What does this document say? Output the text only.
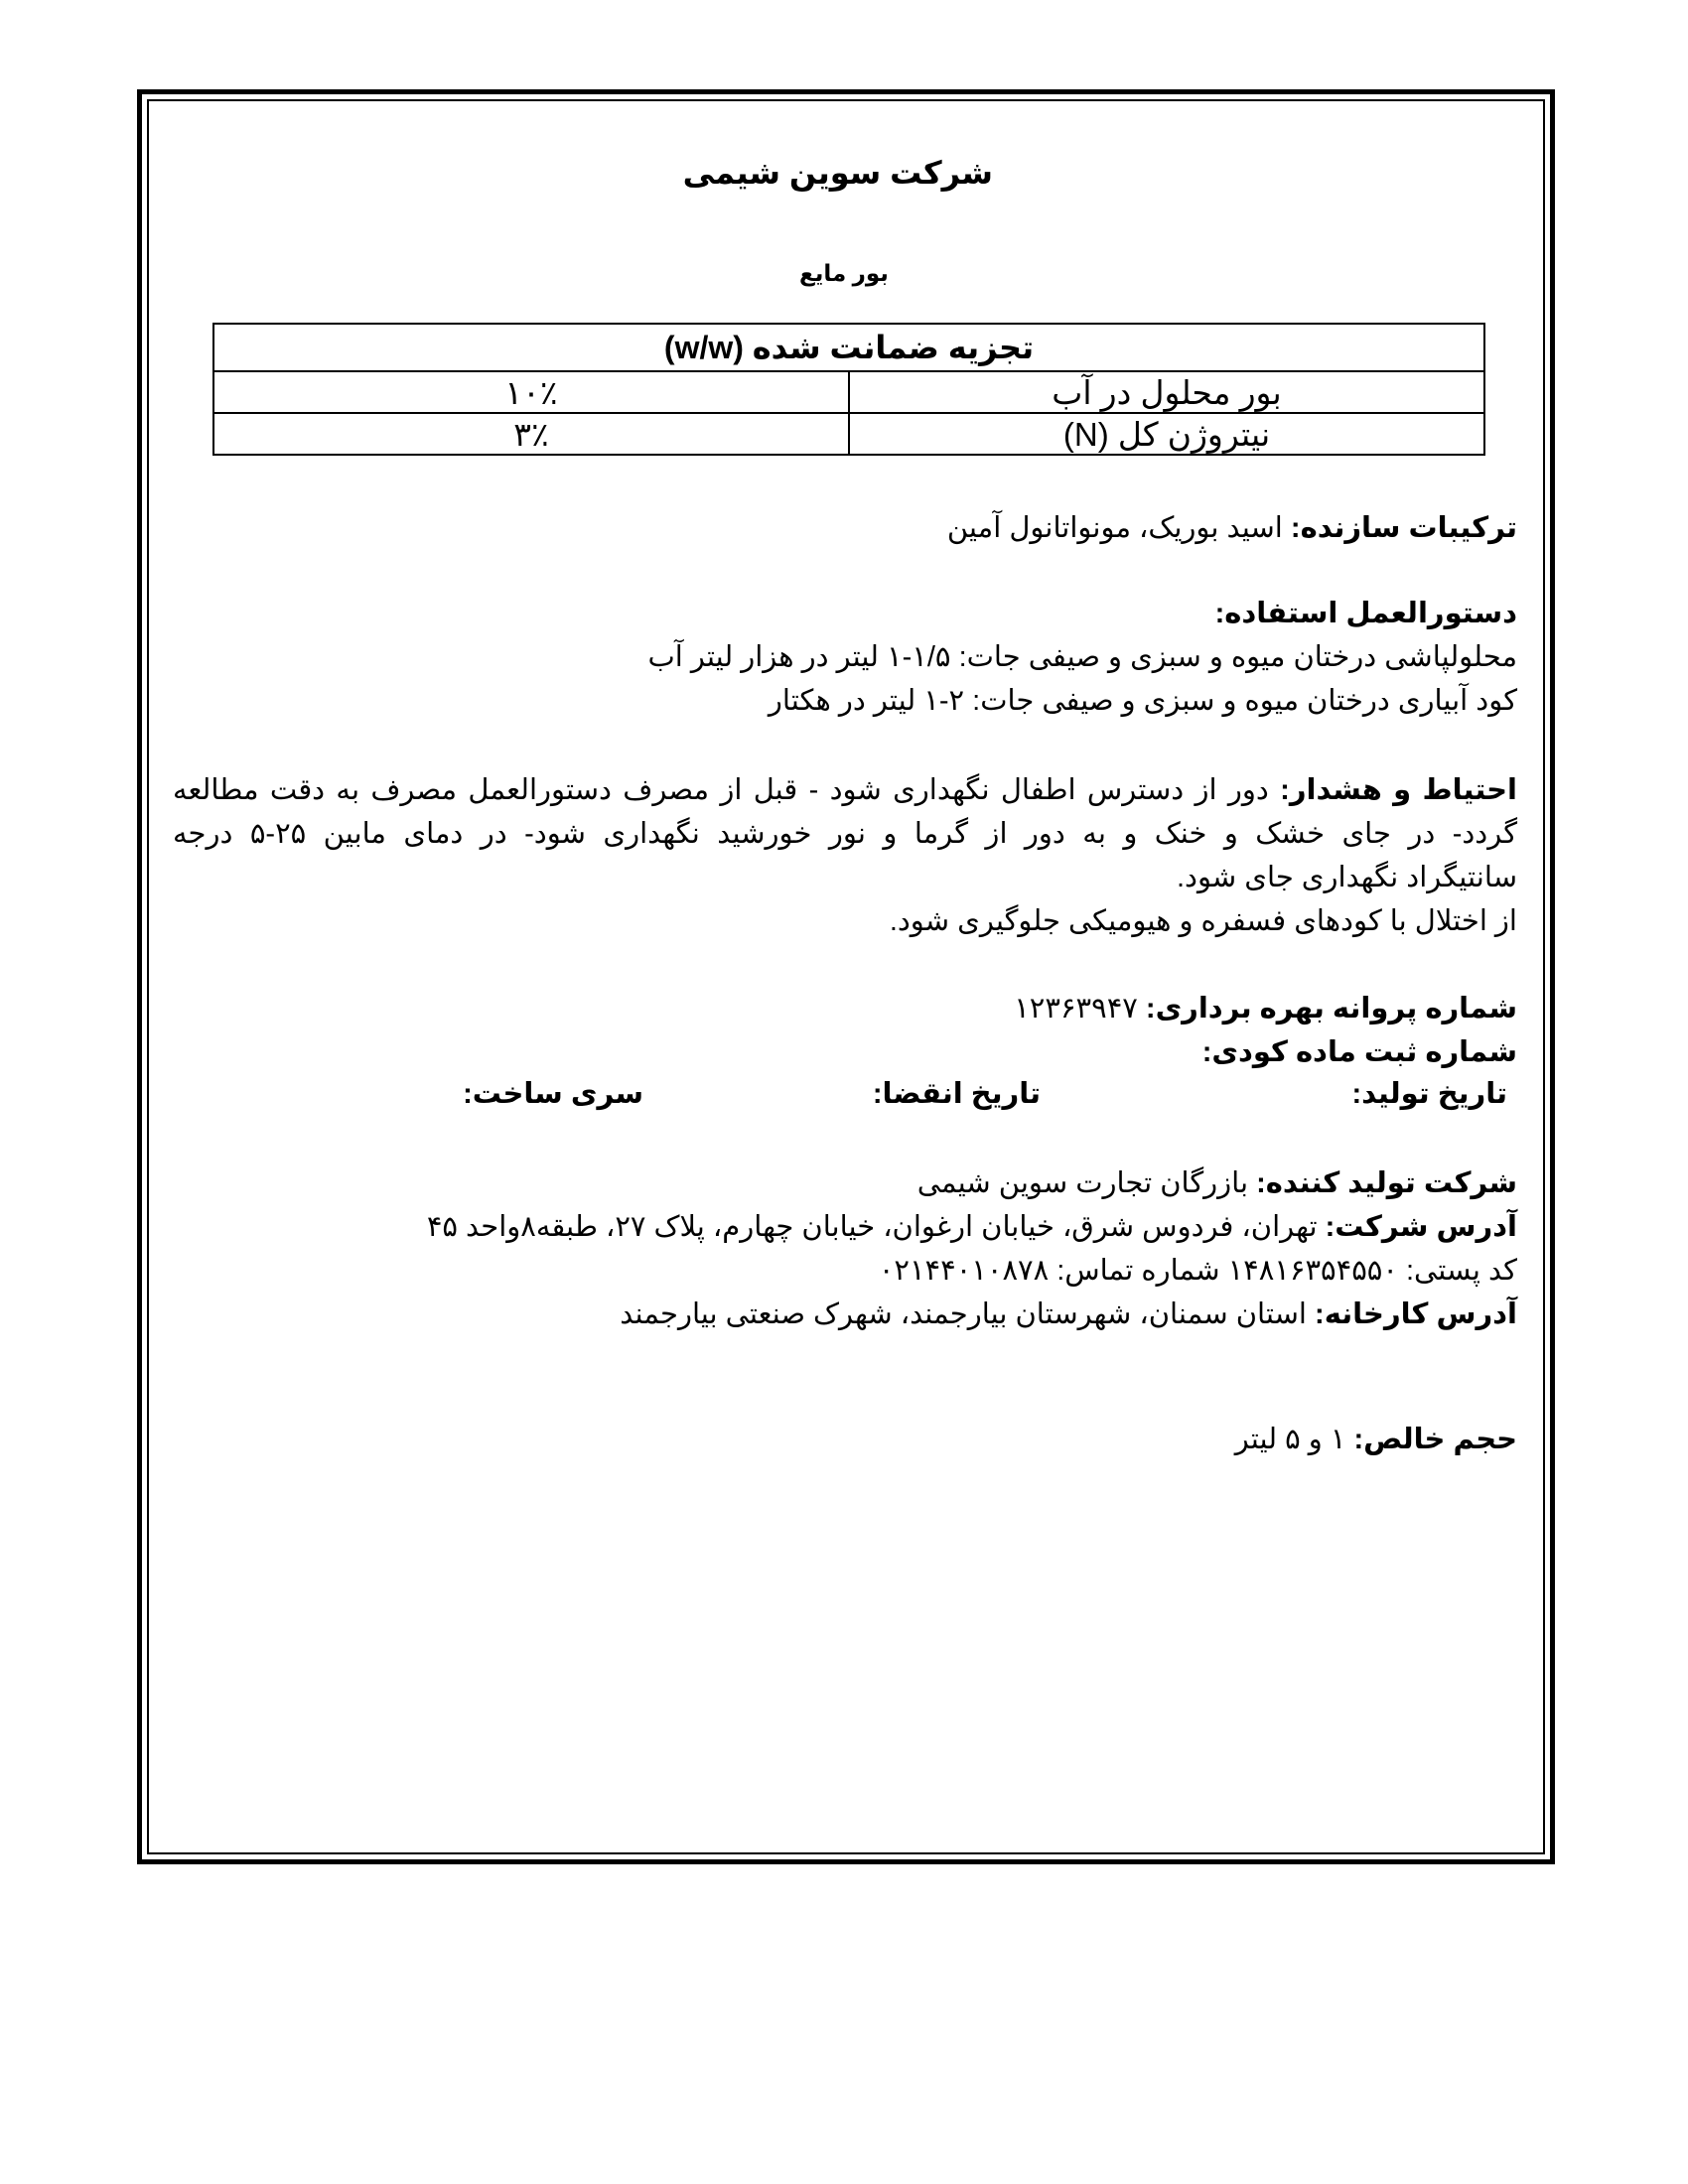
شرکت سوین شیمی
بور مایع
تجزیه ضمانت شده (w/w)	
بور محلول در آب	۱۰٪
نیتروژن کل (N)	۳٪
ترکیبات سازنده: اسید بوریک، مونواتانول آمین
دستورالعمل استفاده:
محلولپاشی درختان میوه و سبزی و صیفی جات: ۱/۵-۱ لیتر در هزار لیتر آب
کود آبیاری درختان میوه و سبزی و صیفی جات: ۲-۱ لیتر در هکتار
احتیاط و هشدار: دور از دسترس اطفال نگهداری شود - قبل از مصرف دستورالعمل مصرف به دقت مطالعه
گردد- در جای خشک و خنک و به دور از گرما و نور خورشید نگهداری شود- در دمای مابین ۲۵-۵ درجه
سانتیگراد نگهداری جای شود.
از اختلال با کودهای فسفره و هیومیکی جلوگیری شود.
شماره پروانه بهره برداری: ۱۲۳۶۳۹۴۷
شماره ثبت ماده کودی:
تاریخ تولید:
تاریخ انقضا:
سری ساخت:
شرکت تولید کننده: بازرگان تجارت سوین شیمی
آدرس شرکت: تهران، فردوس شرق، خیابان ارغوان، خیابان چهارم، پلاک ۲۷، طبقه۸واحد ۴۵
کد پستی: ۱۴۸۱۶۳۵۴۵۵۰ شماره تماس: ۰۲۱۴۴۰۱۰۸۷۸
آدرس کارخانه: استان سمنان، شهرستان بیارجمند، شهرک صنعتی بیارجمند
حجم خالص: ۱ و ۵ لیتر
